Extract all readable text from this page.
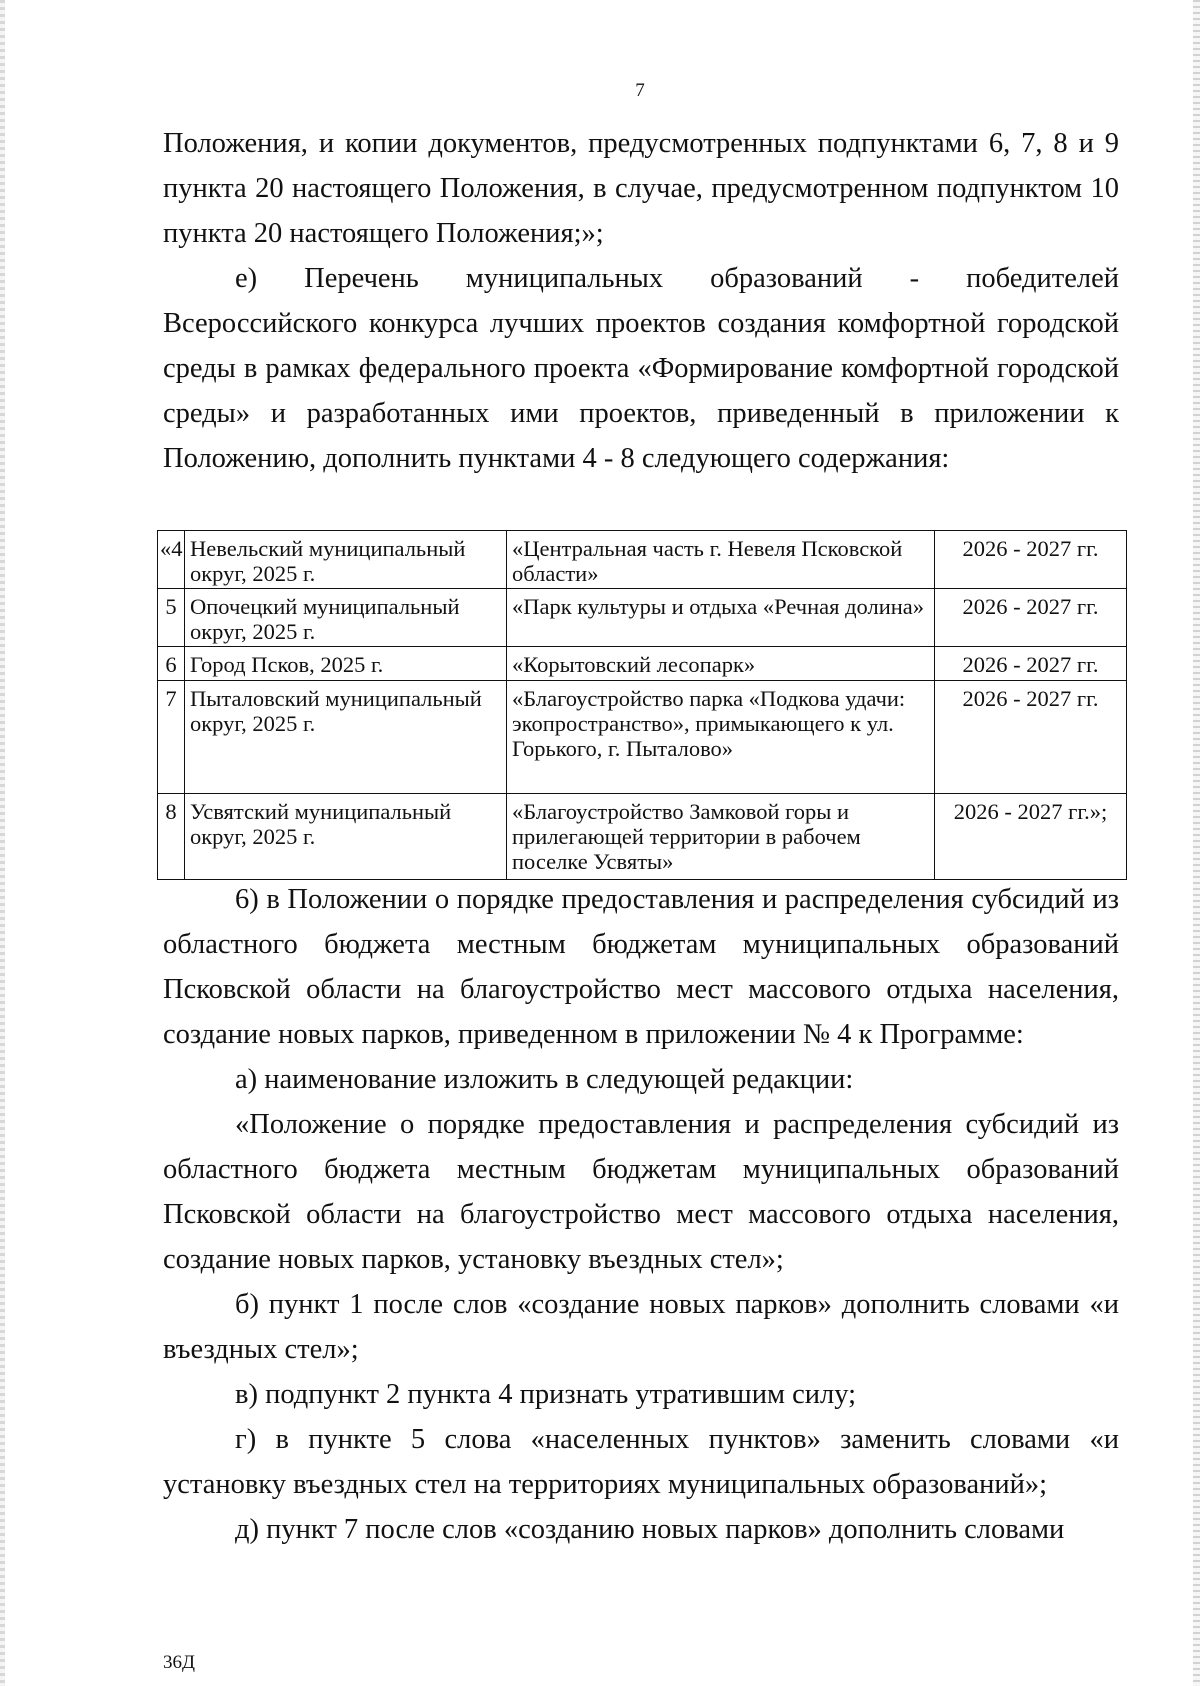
7

Положения, и копии документов, предусмотренных подпунктами 6, 7, 8 и 9 пункта 20 настоящего Положения, в случае, предусмотренном подпунктом 10 пункта 20 настоящего Положения;»;

е) Перечень муниципальных образований - победителей Всероссийского конкурса лучших проектов создания комфортной городской среды в рамках федерального проекта «Формирование комфортной городской среды» и разработанных ими проектов, приведенный в приложении к Положению, дополнить пунктами 4 - 8 следующего содержания:

«4	Невельский муниципальный округ, 2025 г.	«Центральная часть г. Невеля Псковской области»	2026 - 2027 гг.
5	Опочецкий муниципальный округ, 2025 г.	«Парк культуры и отдыха «Речная долина»	2026 - 2027 гг.
6	Город Псков, 2025 г.	«Корытовский лесопарк»	2026 - 2027 гг.
7	Пыталовский муниципальный округ, 2025 г.	«Благоустройство парка «Подкова удачи: экопространство», примыкающего к ул. Горького, г. Пыталово»	2026 - 2027 гг.
8	Усвятский муниципальный округ, 2025 г.	«Благоустройство Замковой горы и прилегающей территории в рабочем поселке Усвяты»	2026 - 2027 гг.»;

6) в Положении о порядке предоставления и распределения субсидий из областного бюджета местным бюджетам муниципальных образований Псковской области на благоустройство мест массового отдыха населения, создание новых парков, приведенном в приложении № 4 к Программе:

а) наименование изложить в следующей редакции:

«Положение о порядке предоставления и распределения субсидий из областного бюджета местным бюджетам муниципальных образований Псковской области на благоустройство мест массового отдыха населения, создание новых парков, установку въездных стел»;

б) пункт 1 после слов «создание новых парков» дополнить словами «и въездных стел»;

в) подпункт 2 пункта 4 признать утратившим силу;

г) в пункте 5 слова «населенных пунктов» заменить словами «и установку въездных стел на территориях муниципальных образований»;

д) пункт 7 после слов «созданию новых парков» дополнить словами

36Д
